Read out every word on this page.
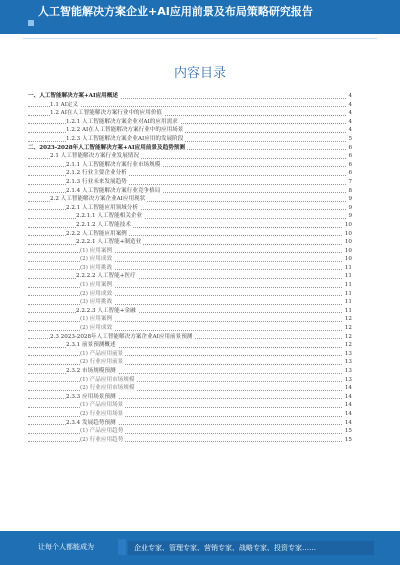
人工智能解决方案企业+AI应用前景及布局策略研究报告
内容目录
一、人工智能解决方案+AI应用概述	4
1.1 AI定义	4
1.2 AI在人工智能解决方案行业中的应用价值	4
1.2.1 人工智能解决方案企业对AI的应用需求	4
1.2.2 AI在人工智能解决方案行业中的应用场景	4
1.2.3 人工智能解决方案企业AI应用的发展阶段	5
二、2023-2028年人工智能解决方案+AI应用前景及趋势预测	6
2.1 人工智能解决方案行业发展情况	6
2.1.1 人工智能解决方案行业市场规模	6
2.1.2 行业主要企业分析	6
2.1.3 行业未来发展趋势	7
2.1.4 人工智能解决方案行业竞争格局	8
2.2 人工智能解决方案企业AI应用现状	9
2.2.1 人工智能应用领域分析	9
2.2.1.1 人工智能相关企业	9
2.2.1.2 人工智能技术	10
2.2.2 人工智能应用案例	10
2.2.2.1 人工智能+制造业	10
(1) 应用案例	10
(2) 应用成效	10
(3) 应用挑战	11
2.2.2.2 人工智能+医疗	11
(1) 应用案例	11
(2) 应用成效	11
(3) 应用挑战	11
2.2.2.3 人工智能+金融	11
(1) 应用案例	12
(2) 应用成效	12
2.3 2023-2028年人工智能解决方案企业AI应用前景预测	12
2.3.1 前景预测概述	12
(1) 产品应用前景	13
(2) 行业应用前景	13
2.3.2 市场规模预测	13
(1) 产品应用市场规模	13
(2) 行业应用市场规模	14
2.3.3 应用场景预测	14
(1) 产品应用场景	14
(2) 行业应用场景	14
2.3.4 发展趋势预测	14
(1) 产品应用趋势	15
(2) 行业应用趋势	15
让每个人都能成为	企业专家、管理专家、营销专家、战略专家、投资专家……
